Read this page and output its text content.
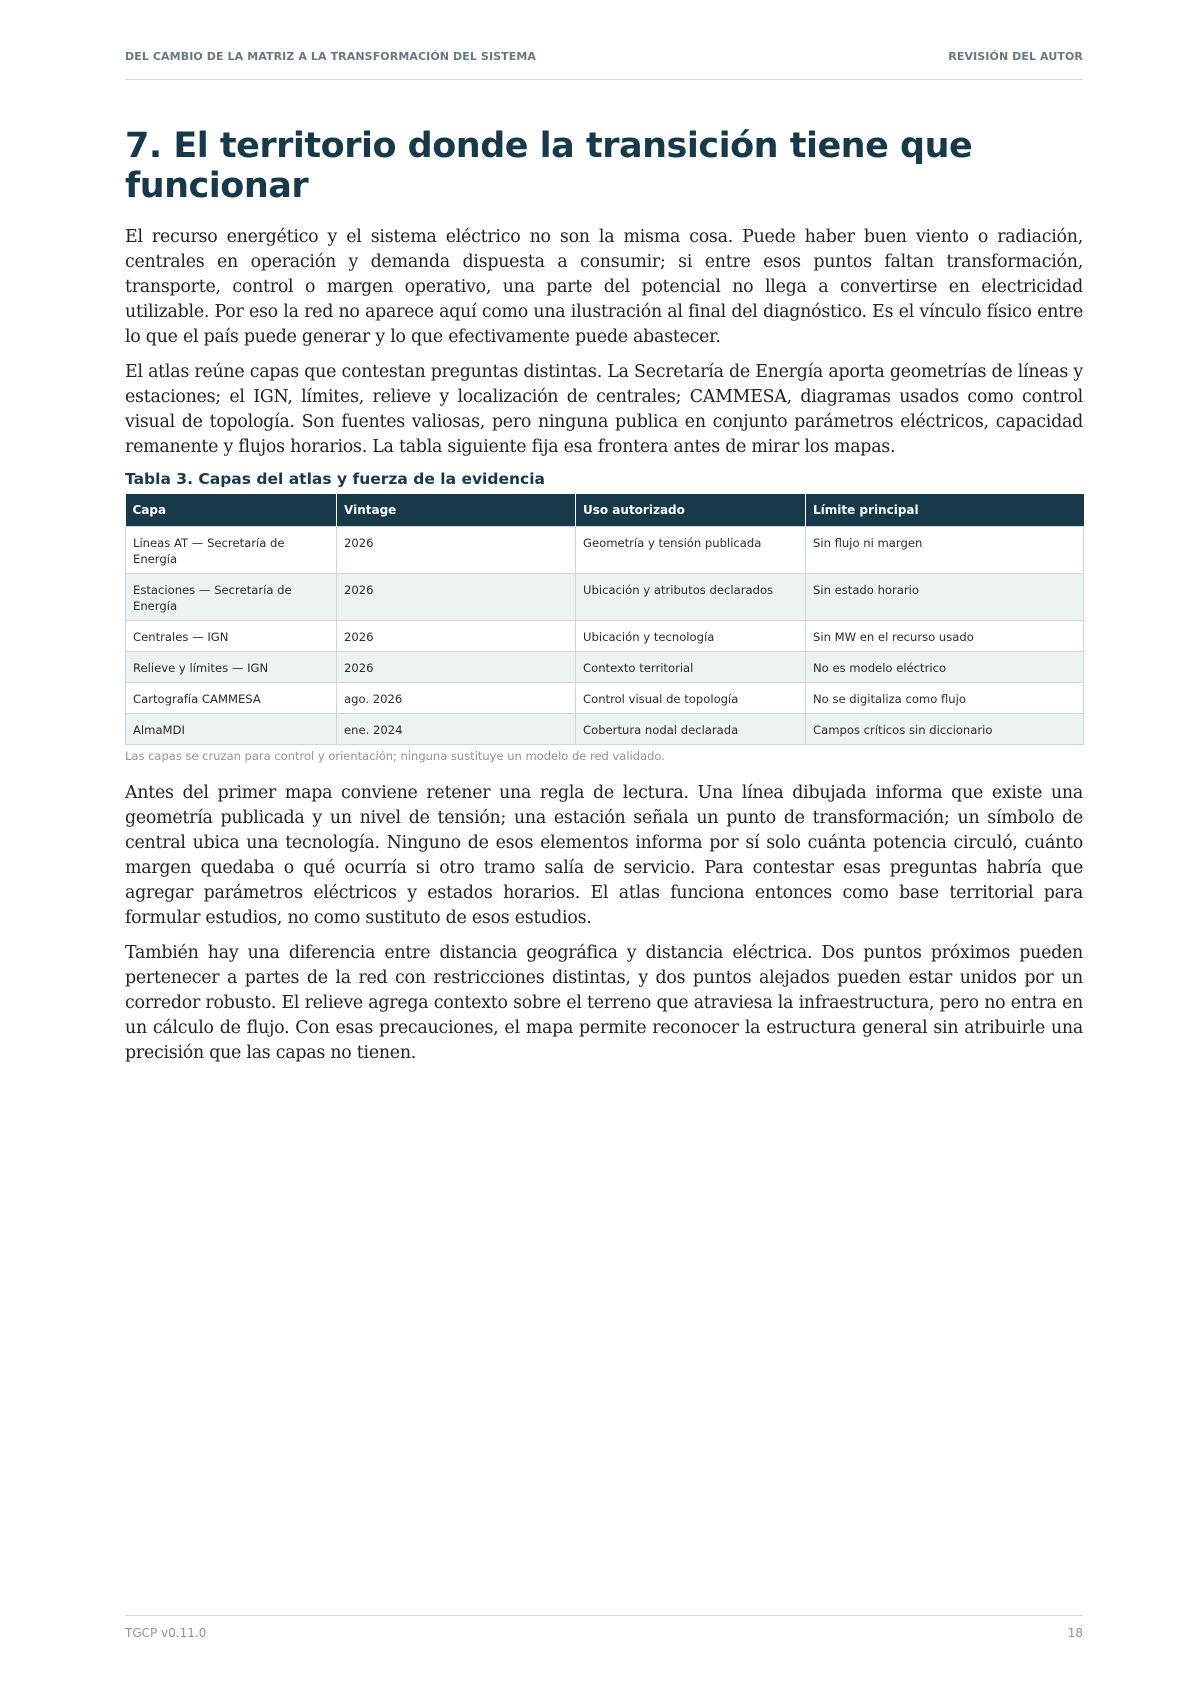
DEL CAMBIO DE LA MATRIZ A LA TRANSFORMACIÓN DEL SISTEMA	REVISIÓN DEL AUTOR
7. El territorio donde la transición tiene que funcionar

El recurso energético y el sistema eléctrico no son la misma cosa. Puede haber buen viento o radiación, centrales en operación y demanda dispuesta a consumir; si entre esos puntos faltan transformación, transporte, control o margen operativo, una parte del potencial no llega a convertirse en electricidad utilizable. Por eso la red no aparece aquí como una ilustración al final del diagnóstico. Es el vínculo físico entre lo que el país puede generar y lo que efectivamente puede abastecer.

El atlas reúne capas que contestan preguntas distintas. La Secretaría de Energía aporta geometrías de líneas y estaciones; el IGN, límites, relieve y localización de centrales; CAMMESA, diagramas usados como control visual de topología. Son fuentes valiosas, pero ninguna publica en conjunto parámetros eléctricos, capacidad remanente y flujos horarios. La tabla siguiente fija esa frontera antes de mirar los mapas.

Tabla 3. Capas del atlas y fuerza de la evidencia
Capa	Vintage	Uso autorizado	Límite principal
Líneas AT — Secretaría de Energía	2026	Geometría y tensión publicada	Sin flujo ni margen
Estaciones — Secretaría de Energía	2026	Ubicación y atributos declarados	Sin estado horario
Centrales — IGN	2026	Ubicación y tecnología	Sin MW en el recurso usado
Relieve y límites — IGN	2026	Contexto territorial	No es modelo eléctrico
Cartografía CAMMESA	ago. 2026	Control visual de topología	No se digitaliza como flujo
AlmaMDI	ene. 2024	Cobertura nodal declarada	Campos críticos sin diccionario
Las capas se cruzan para control y orientación; ninguna sustituye un modelo de red validado.

Antes del primer mapa conviene retener una regla de lectura. Una línea dibujada informa que existe una geometría publicada y un nivel de tensión; una estación señala un punto de transformación; un símbolo de central ubica una tecnología. Ninguno de esos elementos informa por sí solo cuánta potencia circuló, cuánto margen quedaba o qué ocurría si otro tramo salía de servicio. Para contestar esas preguntas habría que agregar parámetros eléctricos y estados horarios. El atlas funciona entonces como base territorial para formular estudios, no como sustituto de esos estudios.

También hay una diferencia entre distancia geográfica y distancia eléctrica. Dos puntos próximos pueden pertenecer a partes de la red con restricciones distintas, y dos puntos alejados pueden estar unidos por un corredor robusto. El relieve agrega contexto sobre el terreno que atraviesa la infraestructura, pero no entra en un cálculo de flujo. Con esas precauciones, el mapa permite reconocer la estructura general sin atribuirle una precisión que las capas no tienen.

TGCP v0.11.0	18
